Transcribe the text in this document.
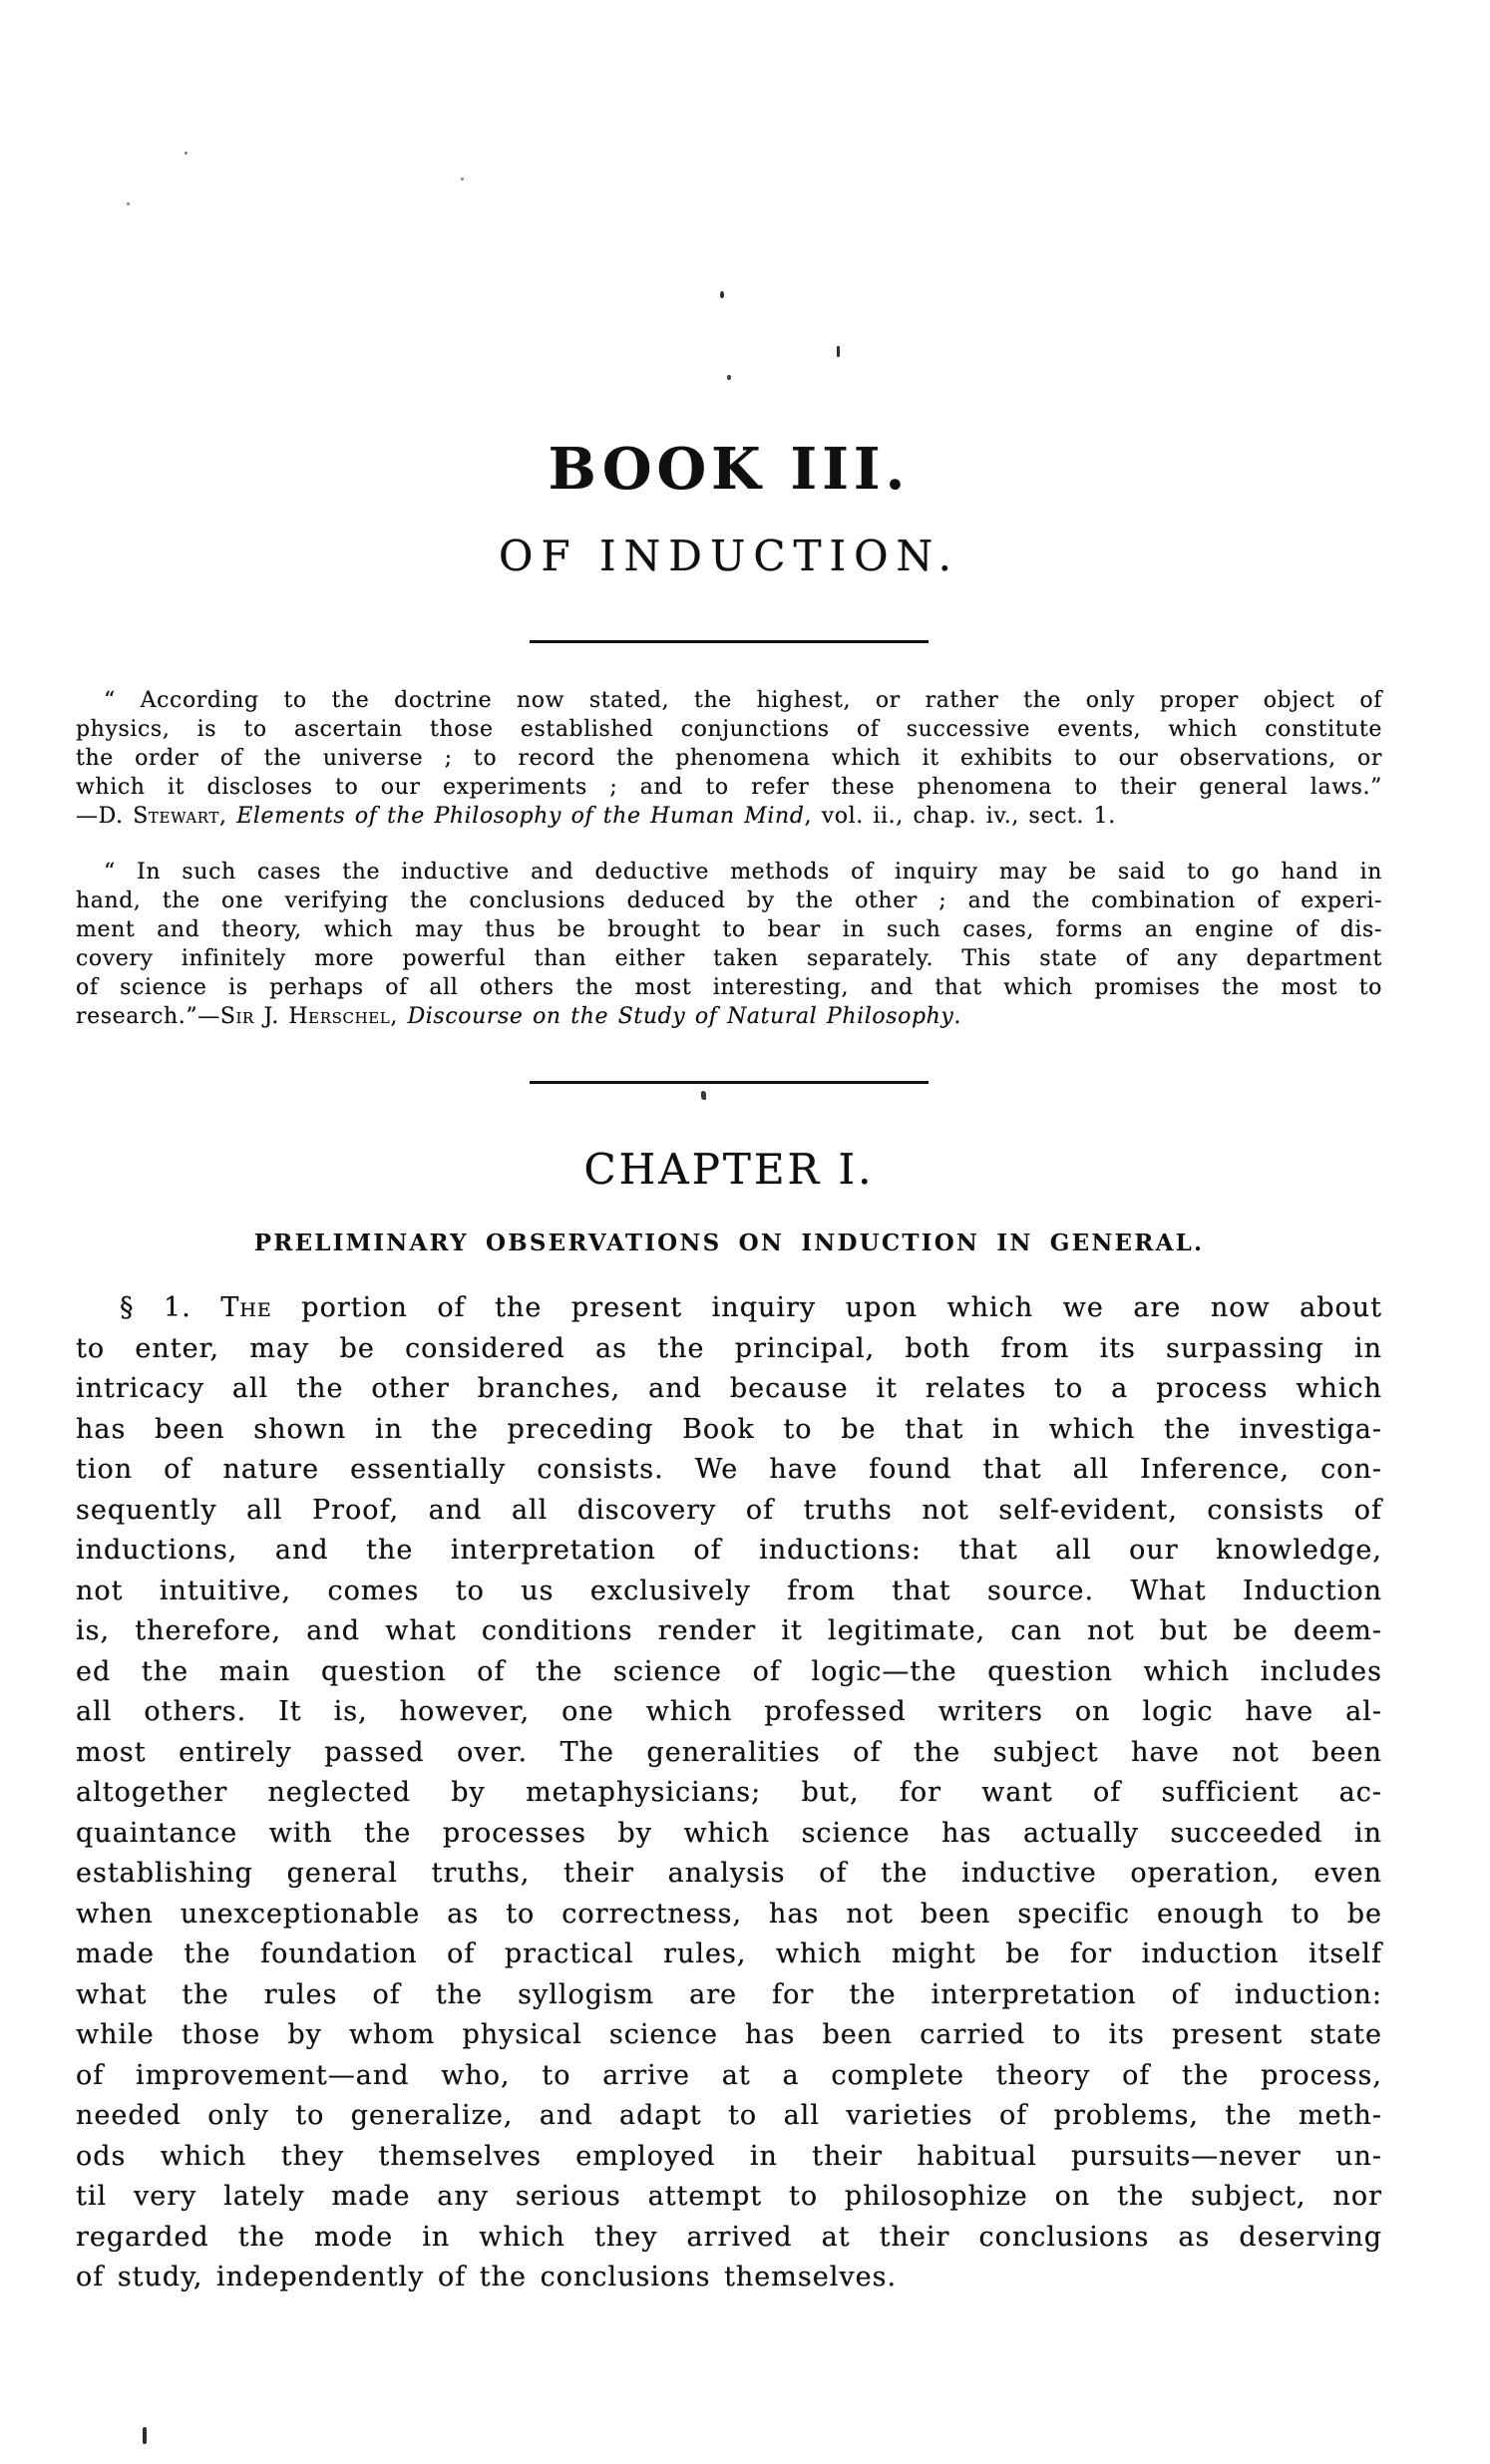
BOOK III.
OF INDUCTION.
“ According to the doctrine now stated, the highest, or rather the only proper object of
physics, is to ascertain those established conjunctions of successive events, which constitute
the order of the universe ; to record the phenomena which it exhibits to our observations, or
which it discloses to our experiments ; and to refer these phenomena to their general laws.”
—D. Stewart, Elements of the Philosophy of the Human Mind, vol. ii., chap. iv., sect. 1.
“ In such cases the inductive and deductive methods of inquiry may be said to go hand in
hand, the one verifying the conclusions deduced by the other ; and the combination of experi-
ment and theory, which may thus be brought to bear in such cases, forms an engine of dis-
covery infinitely more powerful than either taken separately. This state of any department
of science is perhaps of all others the most interesting, and that which promises the most to
research.”—Sir J. Herschel, Discourse on the Study of Natural Philosophy.
CHAPTER I.
PRELIMINARY OBSERVATIONS ON INDUCTION IN GENERAL.
§ 1. The portion of the present inquiry upon which we are now about
to enter, may be considered as the principal, both from its surpassing in
intricacy all the other branches, and because it relates to a process which
has been shown in the preceding Book to be that in which the investiga-
tion of nature essentially consists. We have found that all Inference, con-
sequently all Proof, and all discovery of truths not self-evident, consists of
inductions, and the interpretation of inductions: that all our knowledge,
not intuitive, comes to us exclusively from that source. What Induction
is, therefore, and what conditions render it legitimate, can not but be deem-
ed the main question of the science of logic—the question which includes
all others. It is, however, one which professed writers on logic have al-
most entirely passed over. The generalities of the subject have not been
altogether neglected by metaphysicians; but, for want of sufficient ac-
quaintance with the processes by which science has actually succeeded in
establishing general truths, their analysis of the inductive operation, even
when unexceptionable as to correctness, has not been specific enough to be
made the foundation of practical rules, which might be for induction itself
what the rules of the syllogism are for the interpretation of induction:
while those by whom physical science has been carried to its present state
of improvement—and who, to arrive at a complete theory of the process,
needed only to generalize, and adapt to all varieties of problems, the meth-
ods which they themselves employed in their habitual pursuits—never un-
til very lately made any serious attempt to philosophize on the subject, nor
regarded the mode in which they arrived at their conclusions as deserving
of study, independently of the conclusions themselves.
